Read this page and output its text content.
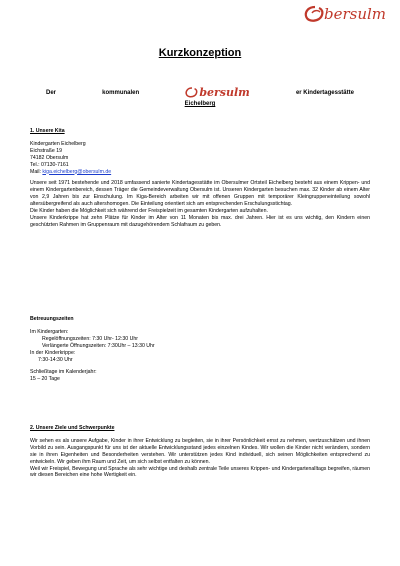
bersulm
Kurzkonzeption
Der	kommunalen	bersulm	er Kindertagesstätte
Eichelberg

1. Unsere Kita

Kindergarten Eichelberg

Eichstraße 19

74182 Obersulm

Tel.: 07130-7161

Mail: kiga.eichelberg@obersulm.de

Unsere seit 1971 bestehende und 2018 umfassend sanierte Kindertagesstätte im Obersulmer Ortsteil Eichelberg besteht aus einem Krippen- und einem Kindergartenbereich, dessen Träger die Gemeindeverwaltung Obersulm ist. Unseren Kindergarten besuchen max. 32 Kinder ab einem Alter von 2,9 Jahren bis zur Einschulung. Im Kiga-Bereich arbeiten wir mit offenen Gruppen mit temporärer Kleingruppeneinteilung sowohl altersübergreifend als auch altershomogen. Die Einteilung orientiert sich am entsprechenden Erschulungsstichtag.

Die Kinder haben die Möglichkeit sich während der Freispielzeit im gesamten Kindergarten aufzuhalten.

Unsere Kinderkrippe hat zehn Plätze für Kinder im Alter von 11 Monaten bis max. drei Jahren. Hier ist es uns wichtig, den Kindern einen geschützten Rahmen im Gruppenraum mit dazugehörendem Schlafraum zu geben.

Betreuungszeiten

Im Kindergarten:

Regelöffnungszeiten: 7:30 Uhr- 12:30 Uhr

Verlängerte Öffnungszeiten: 7:30Uhr – 13:30 Uhr

In der Kinderkrippe:

7:30-14:30 Uhr

Schließtage im Kalenderjahr:

15 – 20 Tage

2. Unsere Ziele und Schwerpunkte

Wir sehen es als unsere Aufgabe, Kinder in ihrer Entwicklung zu begleiten, sie in ihrer Persönlichkeit ernst zu nehmen, wertzuschätzen und ihnen Vorbild zu sein. Ausgangspunkt für uns ist der aktuelle Entwicklungsstand jedes einzelnen Kindes. Wir wollen die Kinder nicht verändern, sondern sie in ihren Eigenheiten und Besonderheiten verstehen. Wir unterstützen jedes Kind individuell, sich seinen Möglichkeiten entsprechend zu entwickeln. Wir geben ihm Raum und Zeit, um sich selbst entfalten zu können.

Weil wir Freispiel, Bewegung und Sprache als sehr wichtige und deshalb zentrale Teile unseres Krippen- und Kindergartenalltags begreifen, räumen wir diesen Bereichen eine hohe Wertigkeit ein.
